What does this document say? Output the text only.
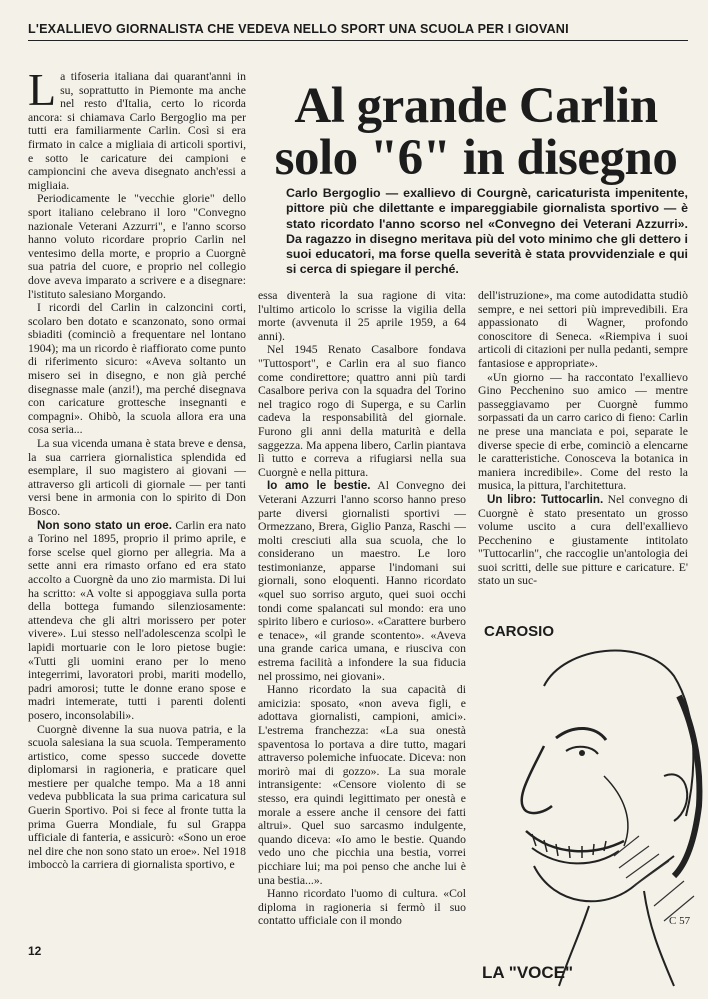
L'EXALLIEVO GIORNALISTA CHE VEDEVA NELLO SPORT UNA SCUOLA PER I GIOVANI

La tifoseria italiana dai quarant'anni in su, soprattutto in Piemonte ma anche nel resto d'Italia, certo lo ricorda ancora: si chiamava Carlo Bergoglio ma per tutti era familiarmente Carlin. Così si era firmato in calce a migliaia di articoli sportivi, e sotto le caricature dei campioni e campioncini che aveva disegnato anch'essi a migliaia.

Periodicamente le "vecchie glorie" dello sport italiano celebrano il loro "Convegno nazionale Veterani Azzurri", e l'anno scorso hanno voluto ricordare proprio Carlin nel ventesimo della morte, e proprio a Cuorgnè sua patria del cuore, e proprio nel collegio dove aveva imparato a scrivere e a disegnare: l'istituto salesiano Morgando.

I ricordi del Carlin in calzoncini corti, scolaro ben dotato e scanzonato, sono ormai sbiaditi (cominciò a frequentare nel lontano 1904); ma un ricordo è riaffiorato come punto di riferimento sicuro: «Aveva soltanto un misero sei in disegno, e non già perché disegnasse male (anzi!), ma perché disegnava con caricature grottesche insegnanti e compagni». Ohibò, la scuola allora era una cosa seria...

La sua vicenda umana è stata breve e densa, la sua carriera giornalistica splendida ed esemplare, il suo magistero ai giovani — attraverso gli articoli di giornale — per tanti versi bene in armonia con lo spirito di Don Bosco.

Non sono stato un eroe. Carlin era nato a Torino nel 1895, proprio il primo aprile, e forse scelse quel giorno per allegria. Ma a sette anni era rimasto orfano ed era stato accolto a Cuorgnè da uno zio marmista. Di lui ha scritto: «A volte si appoggiava sulla porta della bottega fumando silenziosamente: attendeva che gli altri morissero per poter vivere». Lui stesso nell'adolescenza scolpì le lapidi mortuarie con le loro pietose bugie: «Tutti gli uomini erano per lo meno integerrimi, lavoratori probi, mariti modello, padri amorosi; tutte le donne erano spose e madri intemerate, tutti i parenti dolenti posero, inconsolabili».

Cuorgnè divenne la sua nuova patria, e la scuola salesiana la sua scuola. Temperamento artistico, come spesso succede dovette diplomarsi in ragioneria, e praticare quel mestiere per qualche tempo. Ma a 18 anni vedeva pubblicata la sua prima caricatura sul Guerin Sportivo. Poi si fece al fronte tutta la prima Guerra Mondiale, fu sul Grappa ufficiale di fanteria, e assicurò: «Sono un eroe nel dire che non sono stato un eroe». Nel 1918 imboccò la carriera di giornalista sportivo, e

Al grande Carlin
solo "6" in disegno
Carlo Bergoglio — exallievo di Courgnè, caricaturista impenitente, pittore più che dilettante e impareggiabile giornalista sportivo — è stato ricordato l'anno scorso nel «Convegno dei Veterani Azzurri». Da ragazzo in disegno meritava più del voto minimo che gli dettero i suoi educatori, ma forse quella severità è stata provvidenziale e qui si cerca di spiegare il perché.

essa diventerà la sua ragione di vita: l'ultimo articolo lo scrisse la vigilia della morte (avvenuta il 25 aprile 1959, a 64 anni).

Nel 1945 Renato Casalbore fondava "Tuttosport", e Carlin era al suo fianco come condirettore; quattro anni più tardi Casalbore periva con la squadra del Torino nel tragico rogo di Superga, e su Carlin cadeva la responsabilità del giornale. Furono gli anni della maturità e della saggezza. Ma appena libero, Carlin piantava lì tutto e correva a rifugiarsi nella sua Cuorgnè e nella pittura.

Io amo le bestie. Al Convegno dei Veterani Azzurri l'anno scorso hanno preso parte diversi giornalisti sportivi — Ormezzano, Brera, Giglio Panza, Raschi — molti cresciuti alla sua scuola, che lo considerano un maestro. Le loro testimonianze, apparse l'indomani sui giornali, sono eloquenti. Hanno ricordato «quel suo sorriso arguto, quei suoi occhi tondi come spalancati sul mondo: era uno spirito libero e curioso». «Carattere burbero e tenace», «il grande scontento». «Aveva una grande carica umana, e riusciva con estrema facilità a infondere la sua fiducia nel prossimo, nei giovani».

Hanno ricordato la sua capacità di amicizia: sposato, «non aveva figli, e adottava giornalisti, campioni, amici». L'estrema franchezza: «La sua onestà spaventosa lo portava a dire tutto, magari attraverso polemiche infuocate. Diceva: non morirò mai di gozzo». La sua morale intransigente: «Censore violento di se stesso, era quindi legittimato per onestà e morale a essere anche il censore dei fatti altrui». Quel suo sarcasmo indulgente, quando diceva: «Io amo le bestie. Quando vedo uno che picchia una bestia, vorrei picchiare lui; ma poi penso che anche lui è una bestia...».

Hanno ricordato l'uomo di cultura. «Col diploma in ragioneria si fermò il suo contatto ufficiale con il mondo

dell'istruzione», ma come autodidatta studiò sempre, e nei settori più imprevedibili. Era appassionato di Wagner, profondo conoscitore di Seneca. «Riempiva i suoi articoli di citazioni per nulla pedanti, sempre fantasiose e appropriate».

«Un giorno — ha raccontato l'exallievo Gino Pecchenino suo amico — mentre passeggiavamo per Cuorgnè fummo sorpassati da un carro carico di fieno: Carlin ne prese una manciata e poi, separate le diverse specie di erbe, cominciò a elencarne le caratteristiche. Conosceva la botanica in maniera incredibile». Come del resto la musica, la pittura, l'architettura.

Un libro: Tuttocarlin. Nel convegno di Cuorgnè è stato presentato un grosso volume uscito a cura dell'exallievo Pecchenino e giustamente intitolato "Tuttocarlin", che raccoglie un'antologia dei suoi scritti, delle sue pitture e caricature. E' stato un suc-

CAROSIO
C 57
LA "VOCE"
12
